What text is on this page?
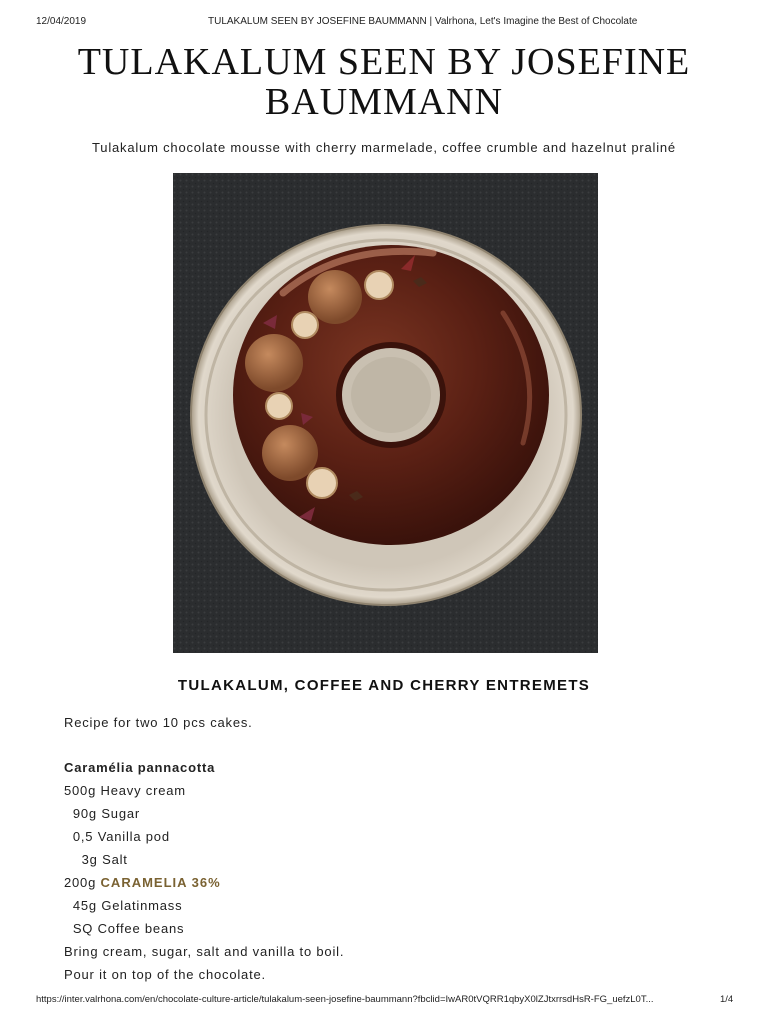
12/04/2019	TULAKALUM SEEN BY JOSEFINE BAUMMANN | Valrhona, Let's Imagine the Best of Chocolate
TULAKALUM SEEN BY JOSEFINE
BAUMMANN
Tulakalum chocolate mousse with cherry marmelade, coffee crumble and hazelnut praliné
TULAKALUM, COFFEE AND CHERRY ENTREMETS
Recipe for two 10 pcs cakes.
Caramélia pannacotta
500g Heavy cream
90g Sugar
0,5 Vanilla pod
3g Salt
200g CARAMELIA 36%
45g Gelatinmass
SQ Coffee beans
Bring cream, sugar, salt and vanilla to boil.
Pour it on top of the chocolate.
https://inter.valrhona.com/en/chocolate-culture-article/tulakalum-seen-josefine-baummann?fbclid=IwAR0tVQRR1qbyX0lZJtxrrsdHsR-FG_uefzL0T...	1/4
